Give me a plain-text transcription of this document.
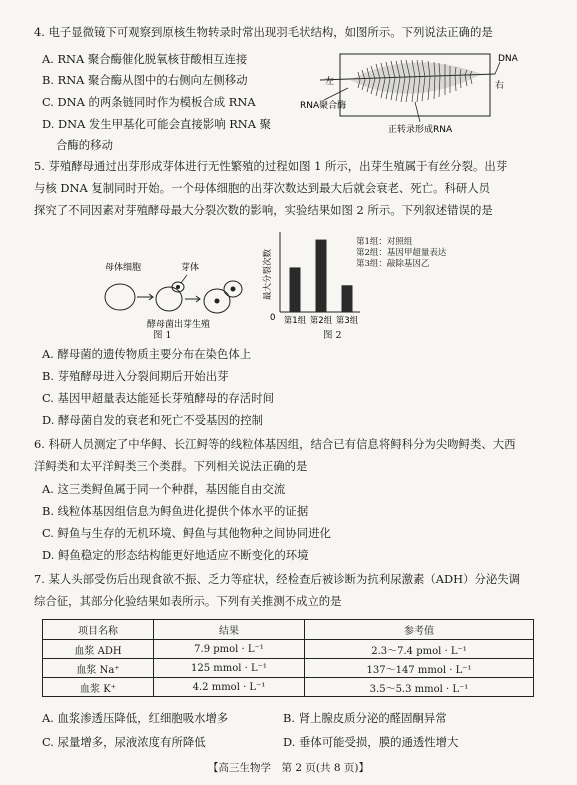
4. 电子显微镜下可观察到原核生物转录时常出现羽毛状结构，如图所示。下列说法正确的是
A. RNA 聚合酶催化脱氧核苷酸相互连接
B. RNA 聚合酶从图中的右侧向左侧移动
C. DNA 的两条链同时作为模板合成 RNA
D. DNA 发生甲基化可能会直接影响 RNA 聚
合酶的移动
DNA
左	右
RNA聚合酶
正转录形成RNA
5. 芽殖酵母通过出芽形成芽体进行无性繁殖的过程如图 1 所示，出芽生殖属于有丝分裂。出芽
与核 DNA 复制同时开始。一个母体细胞的出芽次数达到最大后就会衰老、死亡。科研人员
探究了不同因素对芽殖酵母最大分裂次数的影响，实验结果如图 2 所示。下列叙述错误的是
母体细胞	芽体
酵母菌出芽生殖
图 1
最大分裂次数
0 第1组 第2组 第3组
第1组：对照组
第2组：基因甲超量表达
第3组：敲除基因乙
图 2
A. 酵母菌的遗传物质主要分布在染色体上
B. 芽殖酵母进入分裂间期后开始出芽
C. 基因甲超量表达能延长芽殖酵母的存活时间
D. 酵母菌自发的衰老和死亡不受基因的控制
6. 科研人员测定了中华鲟、长江鲟等的线粒体基因组，结合已有信息将鲟科分为尖吻鲟类、大西
洋鲟类和太平洋鲟类三个类群。下列相关说法正确的是
A. 这三类鲟鱼属于同一个种群，基因能自由交流
B. 线粒体基因组信息为鲟鱼进化提供个体水平的证据
C. 鲟鱼与生存的无机环境、鲟鱼与其他物种之间协同进化
D. 鲟鱼稳定的形态结构能更好地适应不断变化的环境
7. 某人头部受伤后出现食欲不振、乏力等症状，经检查后被诊断为抗利尿激素（ADH）分泌失调
综合征，其部分化验结果如表所示。下列有关推测不成立的是
项目名称	结果	参考值
血浆 ADH	7.9 pmol · L⁻¹	2.3～7.4 pmol · L⁻¹
血浆 Na⁺	125 mmol · L⁻¹	137～147 mmol · L⁻¹
血浆 K⁺	4.2 mmol · L⁻¹	3.5～5.3 mmol · L⁻¹
A. 血浆渗透压降低，红细胞吸水增多	B. 肾上腺皮质分泌的醛固酮异常
C. 尿量增多，尿液浓度有所降低	D. 垂体可能受损，膜的通透性增大
【高三生物学　第 2 页(共 8 页)】
